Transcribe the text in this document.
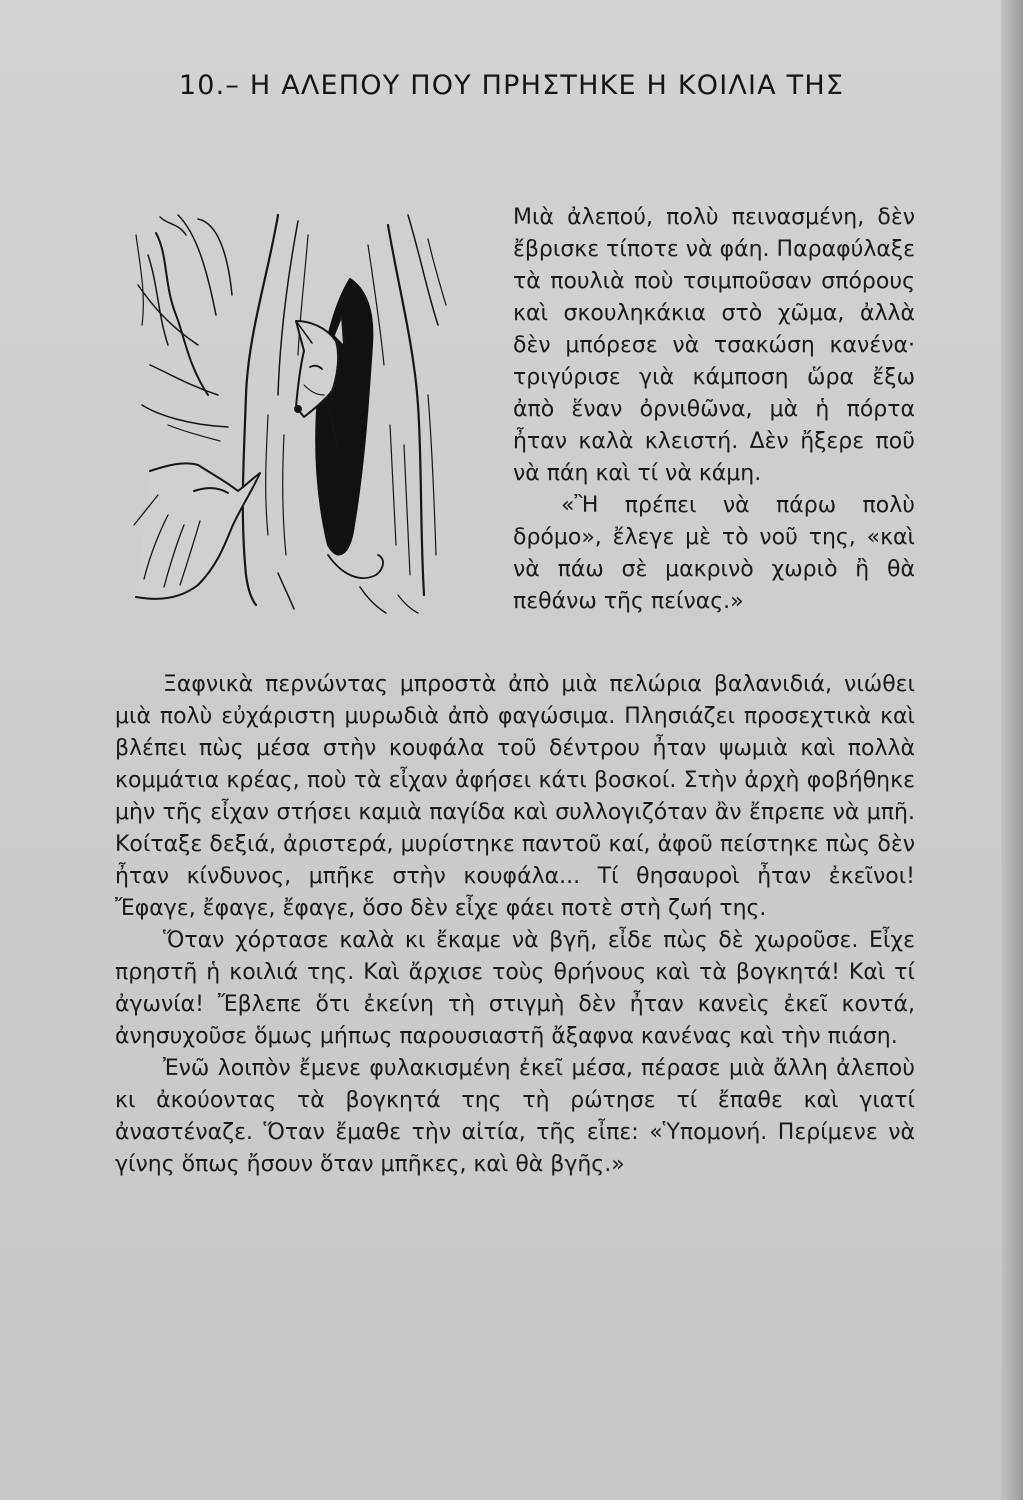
10.– Η ΑΛΕΠΟΥ ΠΟΥ ΠΡΗΣΤΗΚΕ Η ΚΟΙΛΙΑ ΤΗΣ

Μιὰ ἀλεπού, πολὺ πεινασμένη, δὲν ἔβρισκε τίποτε νὰ φάη. Παραφύλαξε τὰ πουλιὰ ποὺ τσιμποῦσαν σπόρους καὶ σκουληκάκια στὸ χῶμα, ἀλλὰ δὲν μπόρεσε νὰ τσακώση κανένα· τριγύρισε γιὰ κάμποση ὥρα ἔξω ἀπὸ ἕναν ὀρνιθῶνα, μὰ ἡ πόρτα ἦταν καλὰ κλειστή. Δὲν ἤξερε ποῦ νὰ πάη καὶ τί νὰ κάμη.

«Ἢ πρέπει νὰ πάρω πολὺ δρόμο», ἔλεγε μὲ τὸ νοῦ της, «καὶ νὰ πάω σὲ μακρινὸ χωριὸ ἢ θὰ πεθάνω τῆς πείνας.»

Ξαφνικὰ περνώντας μπροστὰ ἀπὸ μιὰ πελώρια βαλανιδιά, νιώθει μιὰ πολὺ εὐχάριστη μυρωδιὰ ἀπὸ φαγώσιμα. Πλησιάζει προσεχτικὰ καὶ βλέπει πὼς μέσα στὴν κουφάλα τοῦ δέντρου ἦταν ψωμιὰ καὶ πολλὰ κομμάτια κρέας, ποὺ τὰ εἶχαν ἀφήσει κάτι βοσκοί. Στὴν ἀρχὴ φοβήθηκε μὴν τῆς εἶχαν στήσει καμιὰ παγίδα καὶ συλλογιζόταν ἂν ἔπρεπε νὰ μπῆ. Κοίταξε δεξιά, ἀριστερά, μυρίστηκε παντοῦ καί, ἀφοῦ πείστηκε πὼς δὲν ἦταν κίνδυνος, μπῆκε στὴν κουφάλα... Τί θησαυροὶ ἦταν ἐκεῖνοι! Ἔφαγε, ἔφαγε, ἔφαγε, ὅσο δὲν εἶχε φάει ποτὲ στὴ ζωή της.

Ὅταν χόρτασε καλὰ κι ἔκαμε νὰ βγῆ, εἶδε πὼς δὲ χωροῦσε. Εἶχε πρηστῆ ἡ κοιλιά της. Καὶ ἄρχισε τοὺς θρήνους καὶ τὰ βογκητά! Καὶ τί ἀγωνία! Ἔβλεπε ὅτι ἐκείνη τὴ στιγμὴ δὲν ἦταν κανεὶς ἐκεῖ κοντά, ἀνησυχοῦσε ὅμως μήπως παρουσιαστῆ ἄξαφνα κανένας καὶ τὴν πιάση.

Ἐνῶ λοιπὸν ἔμενε φυλακισμένη ἐκεῖ μέσα, πέρασε μιὰ ἄλλη ἀλεποὺ κι ἀκούοντας τὰ βογκητά της τὴ ρώτησε τί ἔπαθε καὶ γιατί ἀναστέναζε. Ὅταν ἔμαθε τὴν αἰτία, τῆς εἶπε: «Ὑπομονή. Περίμενε νὰ γίνης ὅπως ἤσουν ὅταν μπῆκες, καὶ θὰ βγῆς.»
